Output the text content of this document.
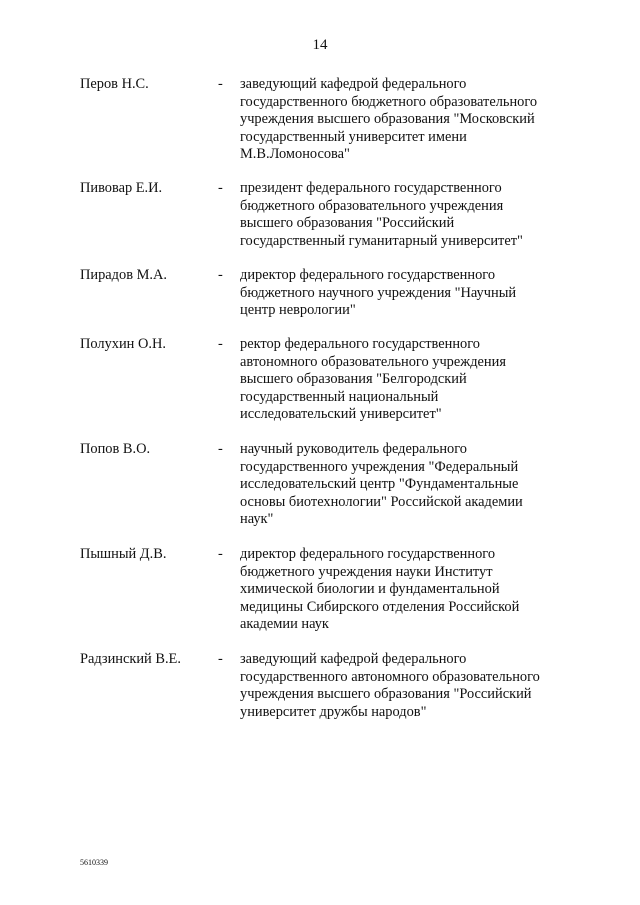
14
Перов Н.С.	- заведующий кафедрой федерального
государственного бюджетного образовательного
учреждения высшего образования "Московский
государственный университет имени
М.В.Ломоносова"

Пивовар Е.И.	- президент федерального государственного
бюджетного образовательного учреждения
высшего образования "Российский
государственный гуманитарный университет"

Пирадов М.А.	- директор федерального государственного
бюджетного научного учреждения "Научный
центр неврологии"

Полухин О.Н.	- ректор федерального государственного
автономного образовательного учреждения
высшего образования "Белгородский
государственный национальный
исследовательский университет"

Попов В.О.	- научный руководитель федерального
государственного учреждения "Федеральный
исследовательский центр "Фундаментальные
основы биотехнологии" Российской академии
наук"

Пышный Д.В.	- директор федерального государственного
бюджетного учреждения науки Институт
химической биологии и фундаментальной
медицины Сибирского отделения Российской
академии наук

Радзинский В.Е.	- заведующий кафедрой федерального
государственного автономного образовательного
учреждения высшего образования "Российский
университет дружбы народов"

5610339
